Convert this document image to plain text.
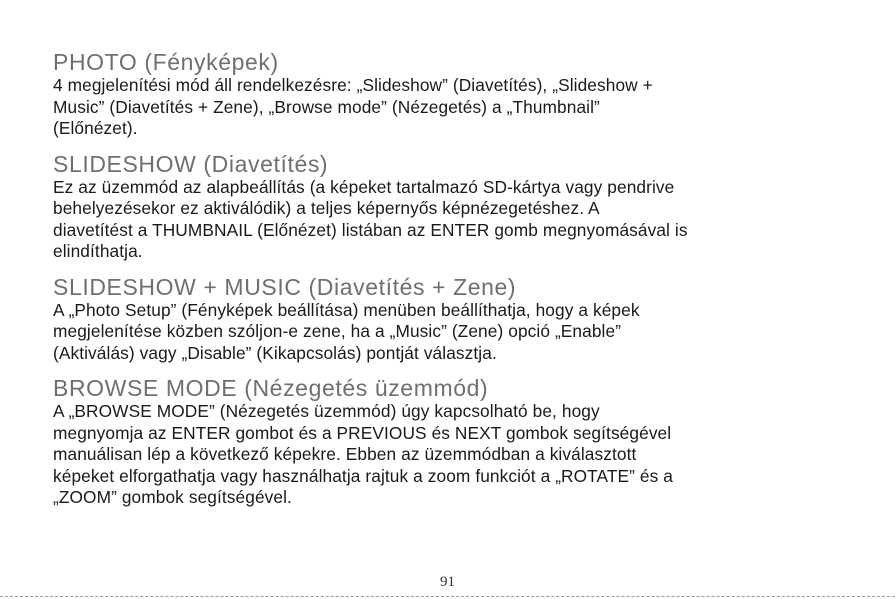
PHOTO (Fényképek)
4 megjelenítési mód áll rendelkezésre: „Slideshow” (Diavetítés), „Slideshow +
Music” (Diavetítés + Zene), „Browse mode” (Nézegetés) a „Thumbnail”
(Előnézet).
SLIDESHOW (Diavetítés)
Ez az üzemmód az alapbeállítás (a képeket tartalmazó SD-kártya vagy pendrive
behelyezésekor ez aktiválódik) a teljes képernyős képnézegetéshez. A
diavetítést a THUMBNAIL (Előnézet) listában az ENTER gomb megnyomásával is
elindíthatja.
SLIDESHOW + MUSIC (Diavetítés + Zene)
A „Photo Setup” (Fényképek beállítása) menüben beállíthatja, hogy a képek
megjelenítése közben szóljon-e zene, ha a „Music” (Zene) opció „Enable”
(Aktiválás) vagy „Disable” (Kikapcsolás) pontját választja.
BROWSE MODE (Nézegetés üzemmód)
A „BROWSE MODE” (Nézegetés üzemmód) úgy kapcsolható be, hogy
megnyomja az ENTER gombot és a PREVIOUS és NEXT gombok segítségével
manuálisan lép a következő képekre. Ebben az üzemmódban a kiválasztott
képeket elforgathatja vagy használhatja rajtuk a zoom funkciót a „ROTATE” és a
„ZOOM” gombok segítségével.
91
